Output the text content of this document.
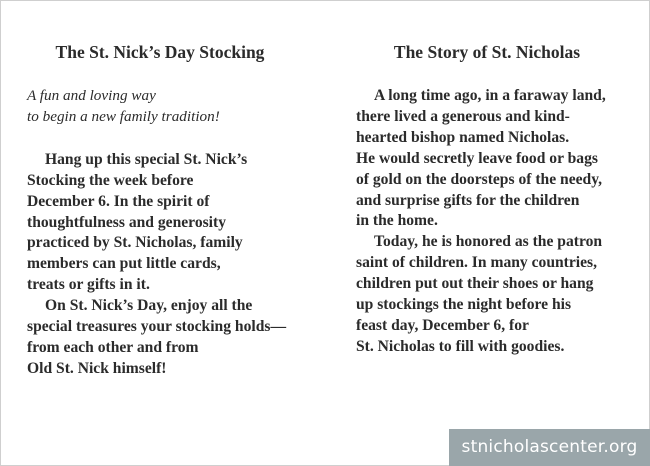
The St. Nick’s Day Stocking
A fun and loving way
to begin a new family tradition!
Hang up this special St. Nick’s
Stocking the week before
December 6. In the spirit of
thoughtfulness and generosity
practiced by St. Nicholas, family
members can put little cards,
treats or gifts in it.
On St. Nick’s Day, enjoy all the
special treasures your stocking holds—
from each other and from
Old St. Nick himself!
The Story of St. Nicholas
A long time ago, in a faraway land,
there lived a generous and kind-
hearted bishop named Nicholas.
He would secretly leave food or bags
of gold on the doorsteps of the needy,
and surprise gifts for the children
in the home.
Today, he is honored as the patron
saint of children. In many countries,
children put out their shoes or hang
up stockings the night before his
feast day, December 6, for
St. Nicholas to fill with goodies.
stnicholascenter.org
